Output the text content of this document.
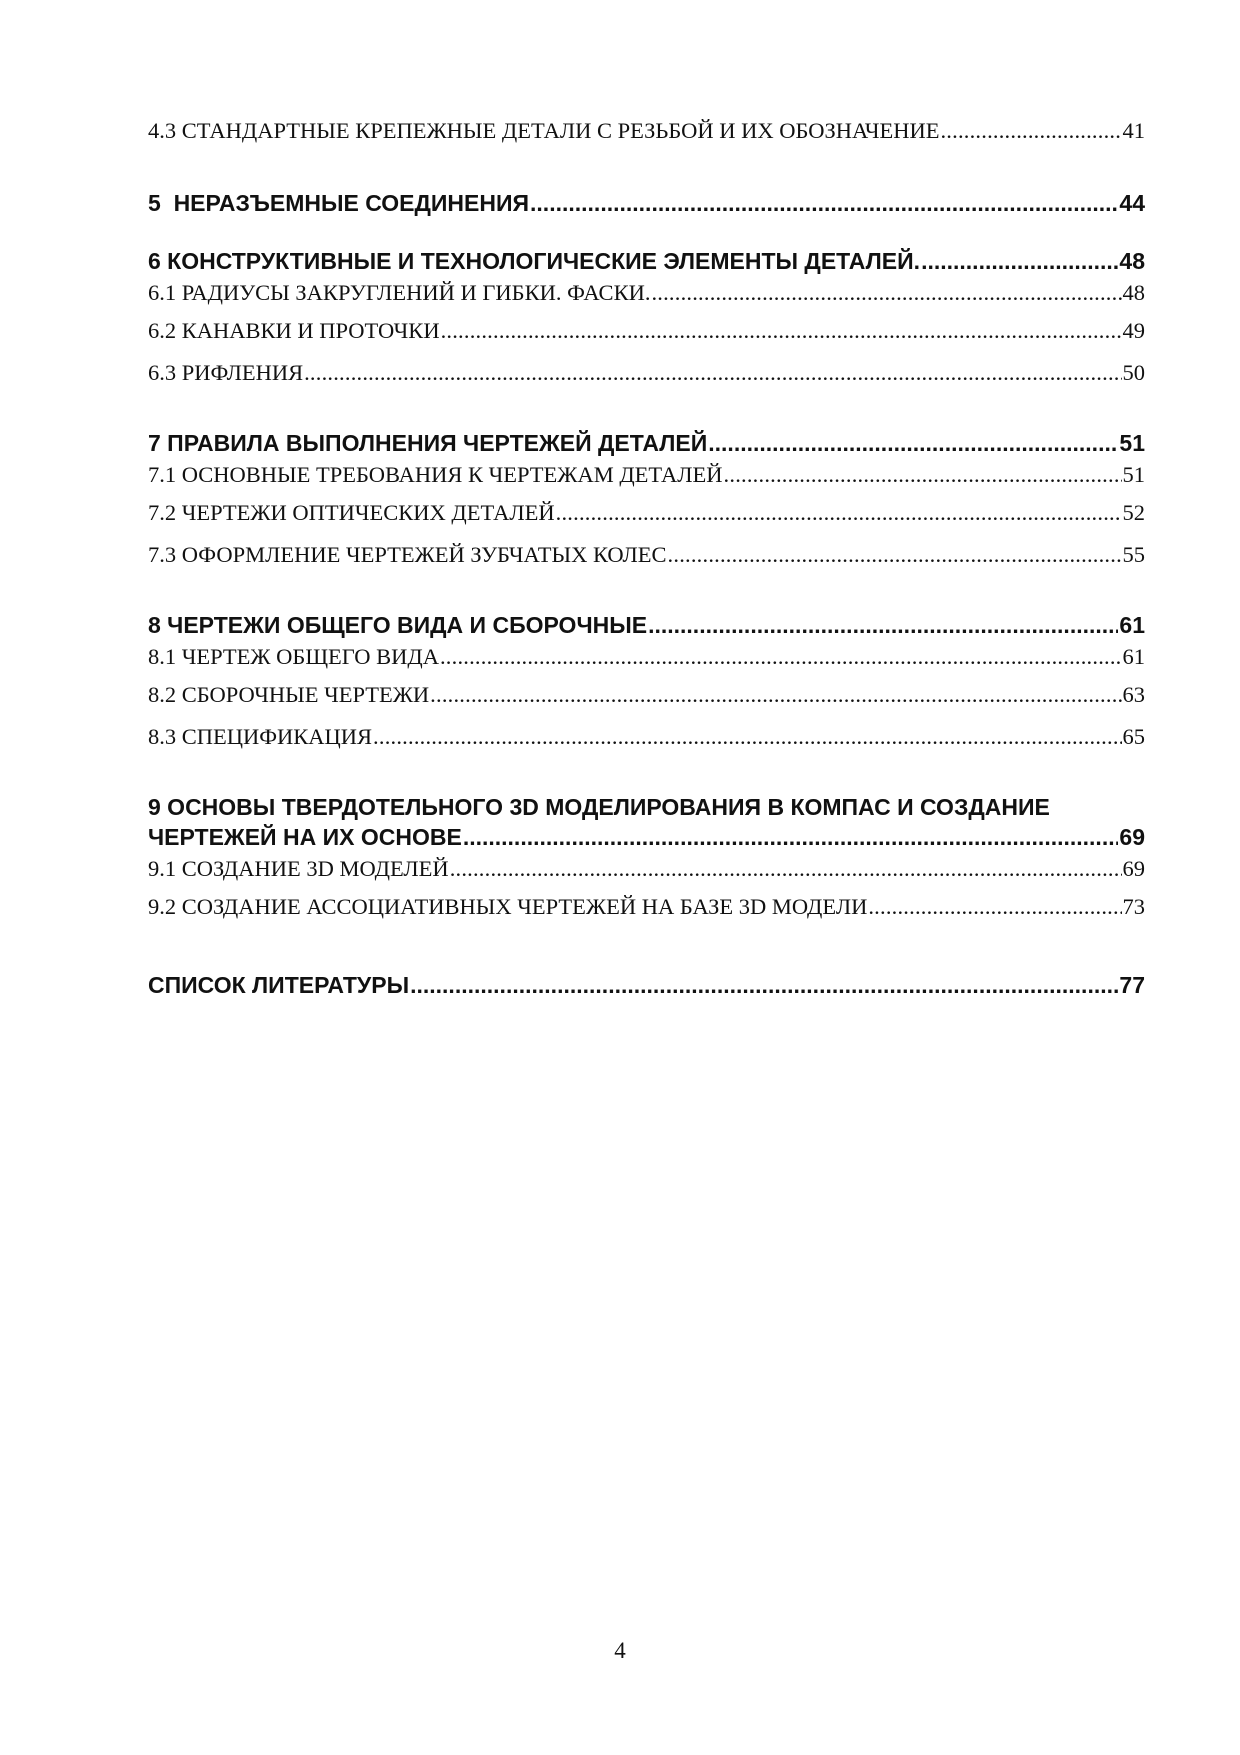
4.3 СТАНДАРТНЫЕ КРЕПЕЖНЫЕ ДЕТАЛИ С РЕЗЬБОЙ И ИХ ОБОЗНАЧЕНИЕ .....	41
5  НЕРАЗЪЕМНЫЕ СОЕДИНЕНИЯ .....	44
6 КОНСТРУКТИВНЫЕ И ТЕХНОЛОГИЧЕСКИЕ ЭЛЕМЕНТЫ ДЕТАЛЕЙ. .....	48
6.1 РАДИУСЫ ЗАКРУГЛЕНИЙ И ГИБКИ. ФАСКИ. .....	48
6.2 КАНАВКИ И ПРОТОЧКИ .....	49
6.3 РИФЛЕНИЯ .....	50
7 ПРАВИЛА ВЫПОЛНЕНИЯ ЧЕРТЕЖЕЙ ДЕТАЛЕЙ .....	51
7.1 ОСНОВНЫЕ ТРЕБОВАНИЯ К ЧЕРТЕЖАМ ДЕТАЛЕЙ .....	51
7.2 ЧЕРТЕЖИ ОПТИЧЕСКИХ ДЕТАЛЕЙ .....	52
7.3 ОФОРМЛЕНИЕ ЧЕРТЕЖЕЙ ЗУБЧАТЫХ КОЛЕС .....	55
8 ЧЕРТЕЖИ ОБЩЕГО ВИДА И СБОРОЧНЫЕ .....	61
8.1 ЧЕРТЕЖ ОБЩЕГО ВИДА .....	61
8.2 СБОРОЧНЫЕ ЧЕРТЕЖИ .....	63
8.3 СПЕЦИФИКАЦИЯ .....	65
9 ОСНОВЫ ТВЕРДОТЕЛЬНОГО 3D МОДЕЛИРОВАНИЯ В КОМПАС И СОЗДАНИЕ
ЧЕРТЕЖЕЙ НА ИХ ОСНОВЕ .....	69
9.1 СОЗДАНИЕ 3D МОДЕЛЕЙ .....	69
9.2 СОЗДАНИЕ АССОЦИАТИВНЫХ ЧЕРТЕЖЕЙ НА БАЗЕ 3D МОДЕЛИ .....	73
СПИСОК ЛИТЕРАТУРЫ .....	77
4
